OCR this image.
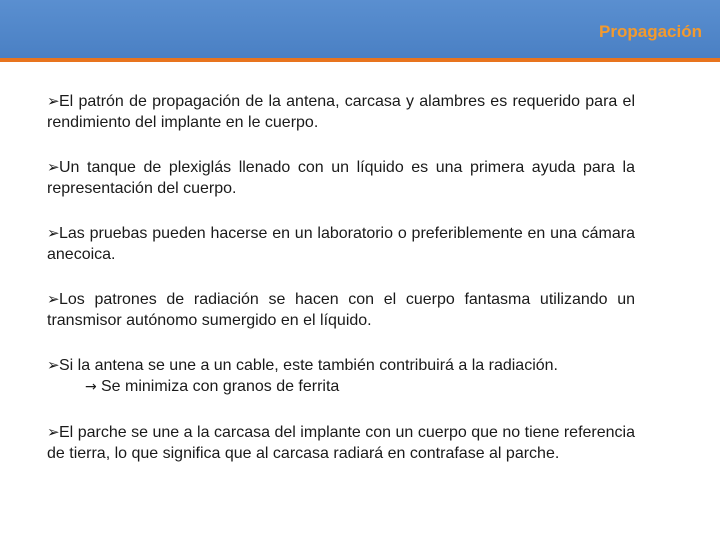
Propagación
➢El patrón de propagación de la antena, carcasa y alambres es requerido para el rendimiento del implante en le cuerpo.
➢Un tanque de plexiglás llenado con un líquido es una primera ayuda para la representación del cuerpo.
➢Las pruebas pueden hacerse en un laboratorio o preferiblemente en una cámara anecoica.
➢Los patrones de radiación se hacen con el cuerpo fantasma utilizando un transmisor autónomo sumergido en el líquido.
➢Si la antena se une a un cable, este también contribuirá a la radiación.
→ Se minimiza con granos de ferrita
➢El parche se une a la carcasa del implante con un cuerpo que no tiene referencia de tierra, lo que significa que al carcasa radiará en contrafase al parche.
